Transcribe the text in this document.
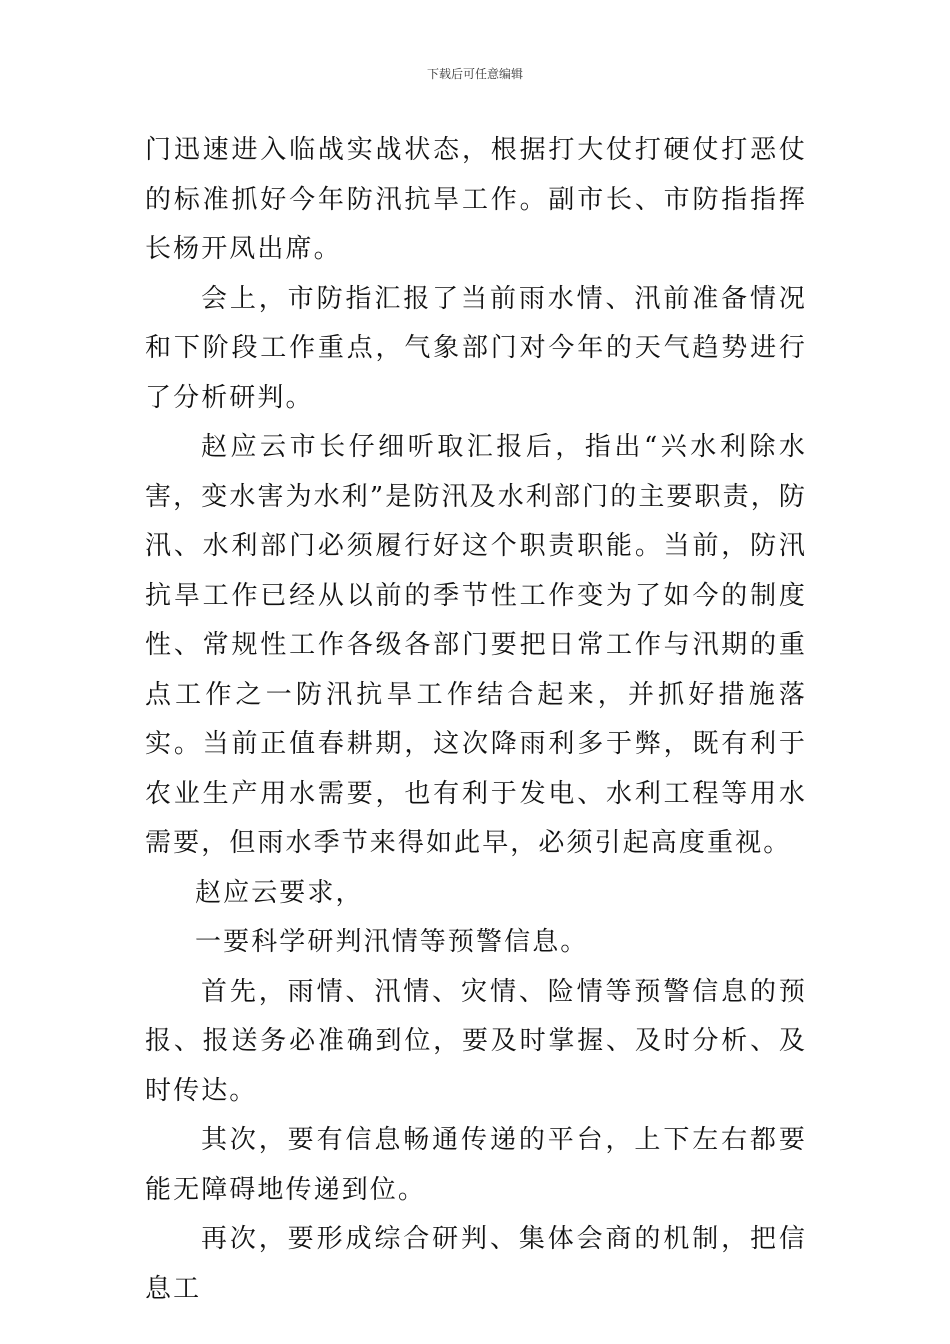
下载后可任意编辑

门迅速进入临战实战状态，根据打大仗打硬仗打恶仗的标准抓好今年防汛抗旱工作。副市长、市防指指挥长杨开凤出席。

会上，市防指汇报了当前雨水情、汛前准备情况和下阶段工作重点，气象部门对今年的天气趋势进行了分析研判。

赵应云市长仔细听取汇报后，指出“兴水利除水害，变水害为水利”是防汛及水利部门的主要职责，防汛、水利部门必须履行好这个职责职能。当前，防汛抗旱工作已经从以前的季节性工作变为了如今的制度性、常规性工作各级各部门要把日常工作与汛期的重点工作之一防汛抗旱工作结合起来，并抓好措施落实。当前正值春耕期，这次降雨利多于弊，既有利于农业生产用水需要，也有利于发电、水利工程等用水需要，但雨水季节来得如此早，必须引起高度重视。

赵应云要求，

一要科学研判汛情等预警信息。

首先，雨情、汛情、灾情、险情等预警信息的预报、报送务必准确到位，要及时掌握、及时分析、及时传达。

其次，要有信息畅通传递的平台，上下左右都要能无障碍地传递到位。

再次，要形成综合研判、集体会商的机制，把信息工
